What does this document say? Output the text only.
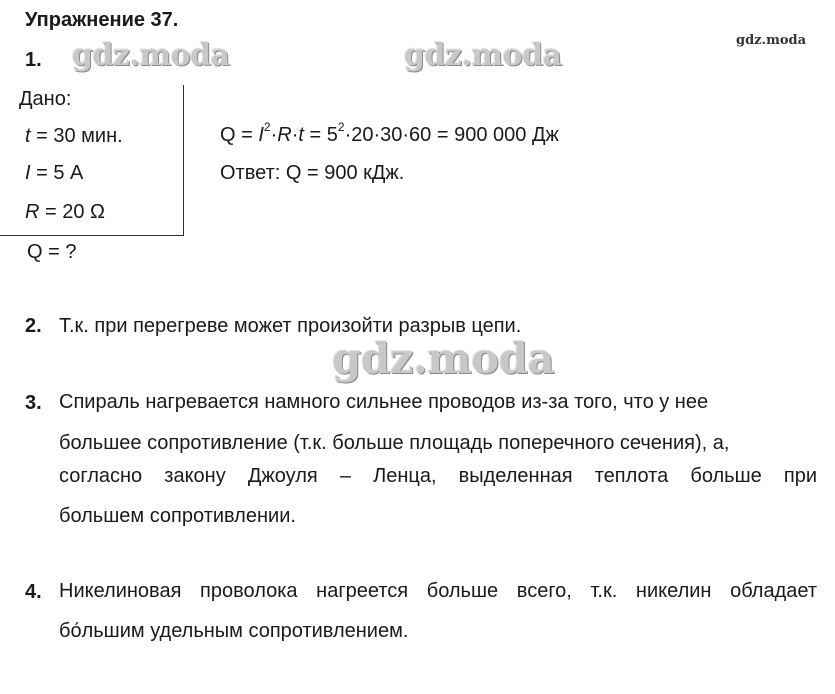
Упражнение 37.
gdz.moda
1. gdz.moda	gdz.moda
Дано:
t = 30 мин.
I = 5 А
R = 20 Ω
Q = ?
$Q = I^2\cdot R\cdot t = 5^2\cdot 20\cdot 30\cdot 60 = 900$ 000 Дж
Ответ: Q = 900 кДж.
2. Т.к. при перегреве может произойти разрыв цепи.
gdz.moda
3. Спираль нагревается намного сильнее проводов из-за того, что у нее
большее сопротивление (т.к. больше площадь поперечного сечения), а,
согласно закону Джоуля – Ленца, выделенная теплота больше при
большем сопротивлении.
4. Никелиновая проволока нагреется больше всего, т.к. никелин обладает
бо́льшим удельным сопротивлением.
